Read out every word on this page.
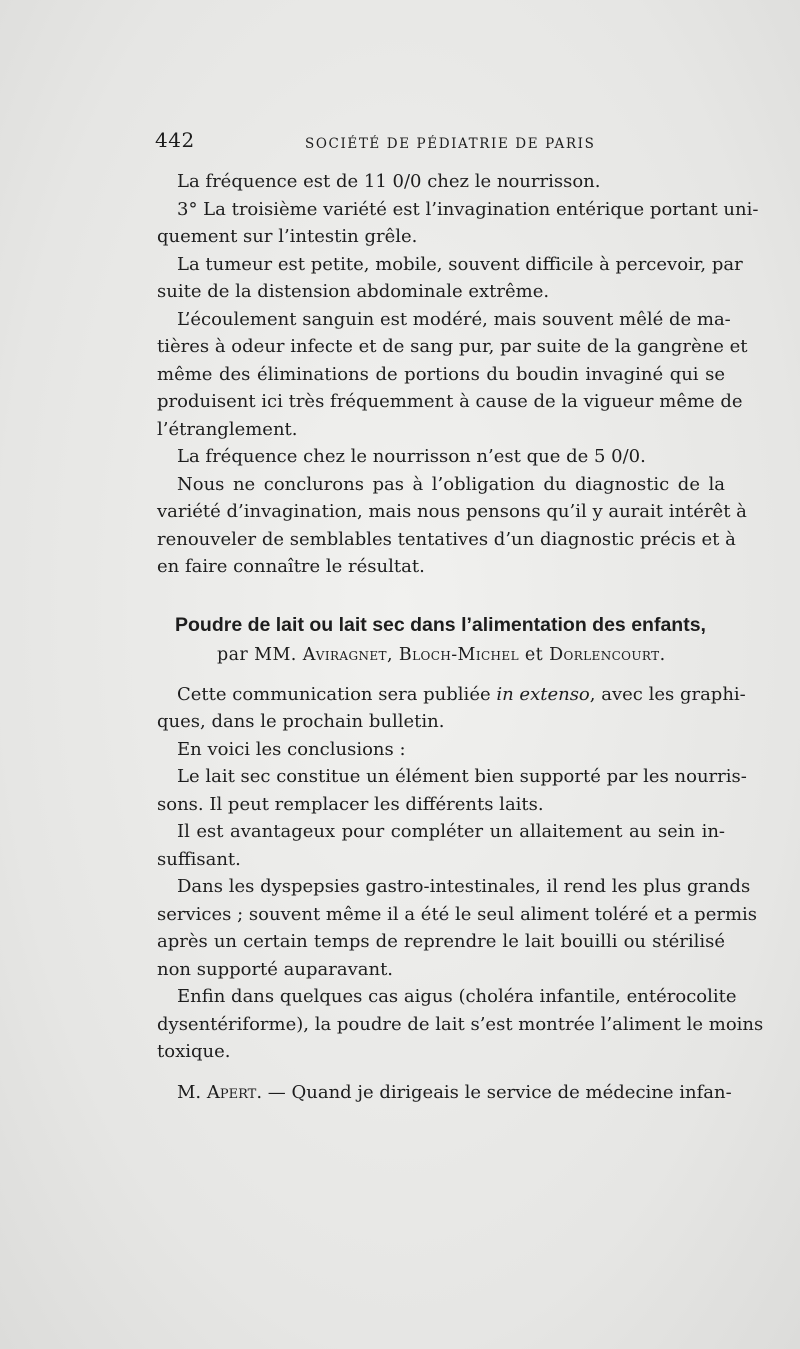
442	SOCIÉTÉ DE PÉDIATRIE DE PARIS
La fréquence est de 11 0/0 chez le nourrisson.
3° La troisième variété est l’invagination entérique portant uni-
quement sur l’intestin grêle.
La tumeur est petite, mobile, souvent difficile à percevoir, par
suite de la distension abdominale extrême.
L’écoulement sanguin est modéré, mais souvent mêlé de ma-
tières à odeur infecte et de sang pur, par suite de la gangrène et
même des éliminations de portions du boudin invaginé qui se
produisent ici très fréquemment à cause de la vigueur même de
l’étranglement.
La fréquence chez le nourrisson n’est que de 5 0/0.
Nous ne conclurons pas à l’obligation du diagnostic de la
variété d’invagination, mais nous pensons qu’il y aurait intérêt à
renouveler de semblables tentatives d’un diagnostic précis et à
en faire connaître le résultat.
Poudre de lait ou lait sec dans l’alimentation des enfants,
par MM. Aviragnet, Bloch-Michel et Dorlencourt.
Cette communication sera publiée in extenso, avec les graphi-
ques, dans le prochain bulletin.
En voici les conclusions :
Le lait sec constitue un élément bien supporté par les nourris-
sons. Il peut remplacer les différents laits.
Il est avantageux pour compléter un allaitement au sein in-
suffisant.
Dans les dyspepsies gastro-intestinales, il rend les plus grands
services ; souvent même il a été le seul aliment toléré et a permis
après un certain temps de reprendre le lait bouilli ou stérilisé
non supporté auparavant.
Enfin dans quelques cas aigus (choléra infantile, entérocolite
dysentériforme), la poudre de lait s’est montrée l’aliment le moins
toxique.
M. Apert. — Quand je dirigeais le service de médecine infan-
